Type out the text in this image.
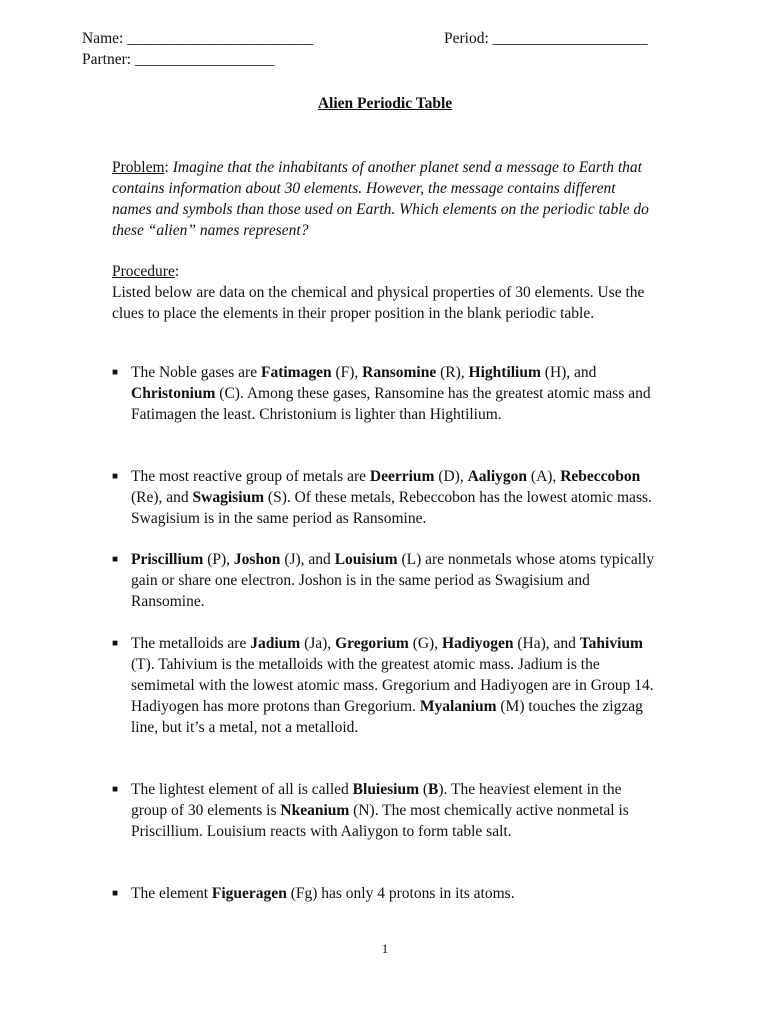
Name: ________________________	Period: ____________________
Partner: __________________
Alien Periodic Table
Problem: Imagine that the inhabitants of another planet send a message to Earth that contains information about 30 elements. However, the message contains different names and symbols than those used on Earth. Which elements on the periodic table do these “alien” names represent?
Procedure:
Listed below are data on the chemical and physical properties of 30 elements. Use the clues to place the elements in their proper position in the blank periodic table.
■ The Noble gases are Fatimagen (F), Ransomine (R), Hightilium (H), and Christonium (C). Among these gases, Ransomine has the greatest atomic mass and Fatimagen the least. Christonium is lighter than Hightilium.
■ The most reactive group of metals are Deerrium (D), Aaliygon (A), Rebeccobon (Re), and Swagisium (S). Of these metals, Rebeccobon has the lowest atomic mass. Swagisium is in the same period as Ransomine.
■ Priscillium (P), Joshon (J), and Louisium (L) are nonmetals whose atoms typically gain or share one electron. Joshon is in the same period as Swagisium and Ransomine.
■ The metalloids are Jadium (Ja), Gregorium (G), Hadiyogen (Ha), and Tahivium (T). Tahivium is the metalloids with the greatest atomic mass. Jadium is the semimetal with the lowest atomic mass. Gregorium and Hadiyogen are in Group 14. Hadiyogen has more protons than Gregorium. Myalanium (M) touches the zigzag line, but it’s a metal, not a metalloid.
■ The lightest element of all is called Bluiesium (B). The heaviest element in the group of 30 elements is Nkeanium (N). The most chemically active nonmetal is Priscillium. Louisium reacts with Aaliygon to form table salt.
■ The element Figueragen (Fg) has only 4 protons in its atoms.
1
